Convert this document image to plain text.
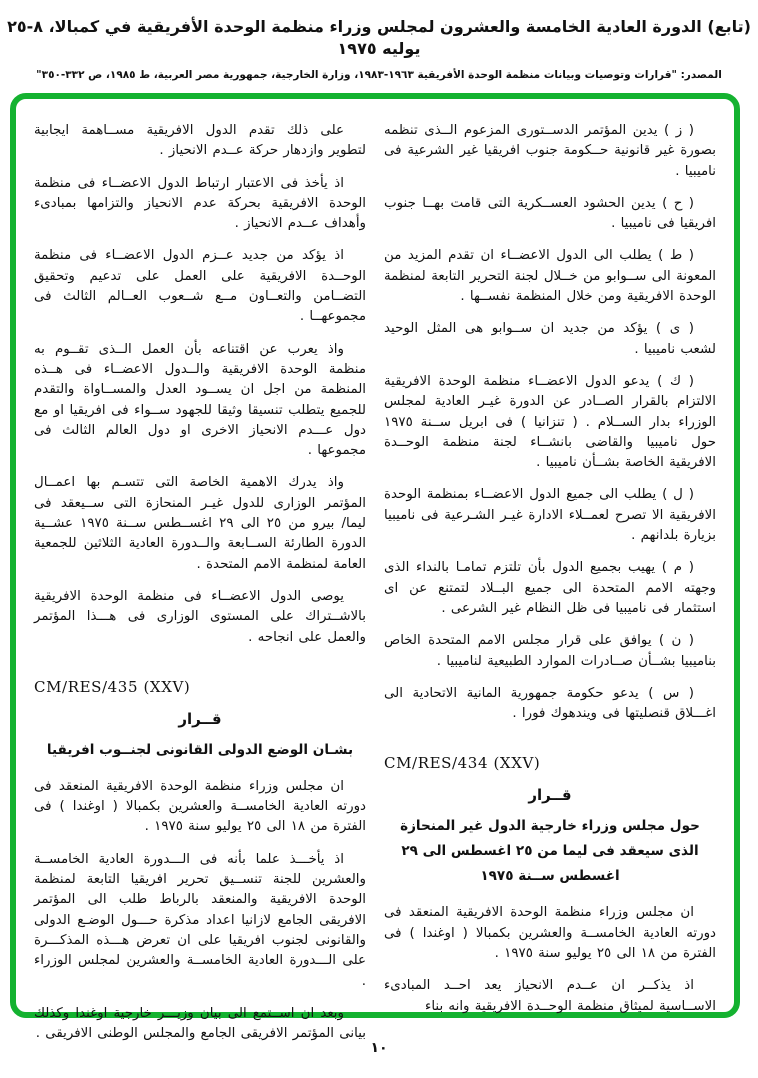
(تابع) الدورة العادية الخامسة والعشرون لمجلس وزراء منظمة الوحدة الأفريقية في كمبالا، ٨-٢٥ يوليه ١٩٧٥
المصدر: "قرارات وتوصيات وبيانات منظمة الوحدة الأفريقية ١٩٦٣-١٩٨٣، وزارة الخارجية، جمهورية مصر العربية، ط ١٩٨٥، ص ٣٣٢-٣٥٠"

( ز ) يدين المؤتمر الدســتورى المزعوم الــذى تنظمه بصورة غير قانونية حــكومة جنوب افريقيا غير الشرعية فى ناميبيا .

( ح ) يدين الحشود العســكرية التى قامت بهــا جنوب افريقيا فى ناميبيا .

( ط ) يطلب الى الدول الاعضــاء ان تقدم المزيد من المعونة الى ســوابو من خــلال لجنة التحرير التابعة لمنظمة الوحدة الافريقية ومن خلال المنظمة نفســها .

( ى ) يؤكد من جديد ان ســوابو هى المثل الوحيد لشعب ناميبيا .

( ك ) يدعو الدول الاعضــاء منظمة الوحدة الافريقية الالتزام بالقرار الصــادر عن الدورة غيـر العادية لمجلس الوزراء بدار الســلام . ( تنزانيا ) فى ابريل ســنة ١٩٧٥ حول ناميبيا والقاضى بانشــاء لجنة منظمة الوحــدة الافريقية الخاصة بشــأن ناميبيا .

( ل ) يطلب الى جميع الدول الاعضــاء بمنظمة الوحدة الافريقية الا تصرح لعمــلاء الادارة غيـر الشـرعية فى ناميبيا بزيارة بلدانهم .

( م ) يهيب بجميع الدول بأن تلتزم تمامـا بالنداء الذى وجهته الامم المتحدة الى جميع البــلاد لتمتنع عن اى استثمار فى ناميبيا فى ظل النظام غير الشرعى .

( ن ) يوافق على قرار مجلس الامم المتحدة الخاص بناميبيا بشــأن صــادرات الموارد الطبيعية لناميبيا .

( س ) يدعو حكومة جمهورية المانية الاتحادية الى اغـــلاق قنصليتها فى ويندهوك فورا .

CM/RES/434 (XXV)
قــرار
حول مجلس وزراء خارجية الدول غير المنحازة
الذى سيعقد فى ليما من ٢٥ اغسطس الى ٢٩
اغسطس ســنة ١٩٧٥

ان مجلس وزراء منظمة الوحدة الافريقية المنعقد فى دورته العادية الخامســة والعشرين بكمبالا ( اوغندا ) فى الفترة من ١٨ الى ٢٥ يوليو سنة ١٩٧٥ .

اذ يذكــر ان عــدم الانحياز يعد احــد المبادىء الاســاسية لميثاق منظمة الوحــدة الافريقية وانه بناء

على ذلك تقدم الدول الافريقية مســاهمة ايجابية لتطوير وازدهار حركة عــدم الانحياز .

اذ يأخذ فى الاعتبار ارتباط الدول الاعضــاء فى منظمة الوحدة الافريقية بحركة عدم الانحياز والتزامها بمبادىء وأهداف عــدم الانحياز .

اذ يؤكد من جديد عــزم الدول الاعضــاء فى منظمة الوحــدة الافريقية على العمل على تدعيم وتحقيق التضــامن والتعــاون مــع شــعوب العــالم الثالث فى مجموعهــا .

واذ يعرب عن اقتناعه بأن العمل الــذى تقــوم به منظمة الوحدة الافريقية والــدول الاعضــاء فى هــذه المنظمة من اجل ان يســود العدل والمســاواة والتقدم للجميع يتطلب تنسيقا وثيقا للجهود ســواء فى افريقيا او مع دول عـــدم الانحياز الاخرى او دول العالم الثالث فى مجموعها .

واذ يدرك الاهمية الخاصة التى تتسـم بها اعمــال المؤتمر الوزارى للدول غيـر المنحازة التى ســيعقد فى ليما/ بيرو من ٢٥ الى ٢٩ اغســطس ســنة ١٩٧٥ عشــية الدورة الطارئة الســابعة والــدورة العادية الثلاثين للجمعية العامة لمنظمة الامم المتحدة .

يوصى الدول الاعضــاء فى منظمة الوحدة الافريقية بالاشــتراك على المستوى الوزارى فى هـــذا المؤتمر والعمل على انجاحه .

CM/RES/435 (XXV)
قــرار
بشـان الوضع الدولى القانونى لجنــوب افريقيا

ان مجلس وزراء منظمة الوحدة الافريقية المنعقد فى دورته العادية الخامســة والعشرين بكمبالا ( اوغندا ) فى الفترة من ١٨ الى ٢٥ يوليو سنة ١٩٧٥ .

اذ يأخـــذ علما بأنه فى الـــدورة العادية الخامســة والعشرين للجنة تنســيق تحرير افريقيا التابعة لمنظمة الوحدة الافريقية والمنعقد بالرباط طلب الى المؤتمر الافريقى الجامع لازانيا اعداد مذكرة حـــول الوضـع الدولى والقانونى لجنوب افريقيا على ان تعرض هـــذه المذكـــرة على الـــدورة العادية الخامســة والعشرين لمجلس الوزراء .

وبعد ان اســتمع الى بيان وزيـــر خارجية اوغندا وكذلك بيانى المؤتمر الافريقى الجامع والمجلس الوطنى الافريقى .

١٠
